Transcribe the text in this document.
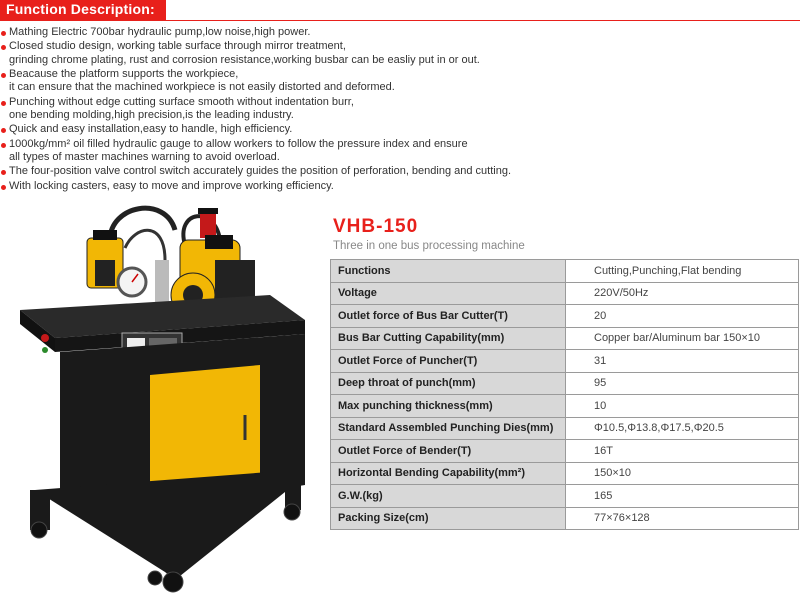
Function Description:
Mathing Electric 700bar hydraulic pump,low noise,high power.
Closed studio design, working table surface through mirror treatment,
grinding chrome plating, rust and corrosion resistance,working busbar can be easliy put in or out.
Beacause the platform supports the workpiece,
it can ensure that the machined workpiece is not easily distorted and deformed.
Punching without edge cutting surface smooth without indentation burr,
one bending molding,high precision,is the leading industry.
Quick and easy installation,easy to handle, high efficiency.
1000kg/mm² oil filled hydraulic gauge to allow workers to follow the pressure index and ensure
all types of master machines warning to avoid overload.
The four-position valve control switch accurately guides the position of perforation, bending and cutting.
With locking casters, easy to move and improve working efficiency.
VHB-150
Three in one bus processing machine
Functions	Cutting,Punching,Flat bending
Voltage	220V/50Hz
Outlet force of Bus Bar Cutter(T)	20
Bus Bar Cutting Capability(mm)	Copper bar/Aluminum bar 150×10
Outlet Force of Puncher(T)	31
Deep throat of punch(mm)	95
Max punching thickness(mm)	10
Standard Assembled Punching Dies(mm)	Φ10.5,Φ13.8,Φ17.5,Φ20.5
Outlet Force of Bender(T)	16T
Horizontal Bending Capability(mm²)	150×10
G.W.(kg)	165
Packing Size(cm)	77×76×128
